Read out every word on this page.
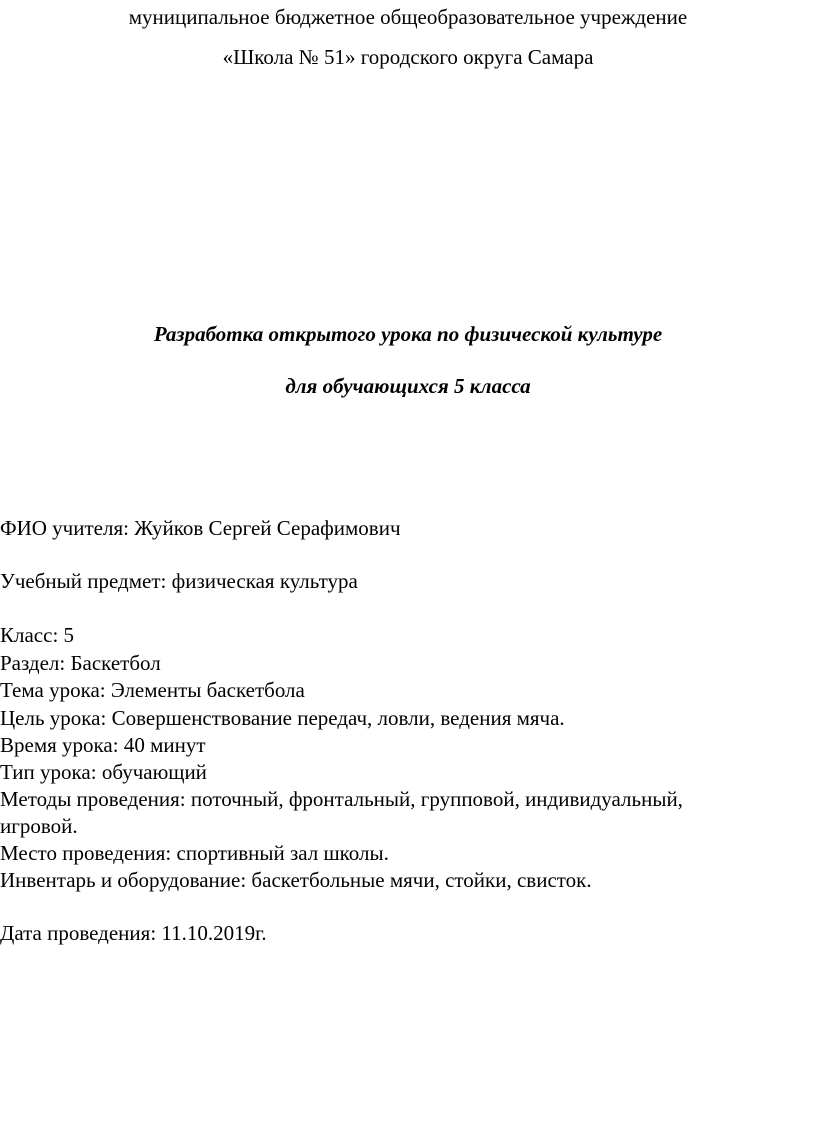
муниципальное бюджетное общеобразовательное учреждение
«Школа № 51» городского округа Самара
Разработка открытого урока по физической культуре
для обучающихся 5 класса
ФИО учителя: Жуйков Сергей Серафимович
Учебный предмет: физическая культура
Класс: 5
Раздел: Баскетбол
Тема урока: Элементы баскетбола
Цель урока: Совершенствование передач, ловли, ведения мяча.
Время урока: 40 минут
Тип урока: обучающий
Методы проведения: поточный, фронтальный, групповой, индивидуальный,
игровой.
Место проведения: спортивный зал школы.
Инвентарь и оборудование: баскетбольные мячи, стойки, свисток.
Дата проведения: 11.10.2019г.
